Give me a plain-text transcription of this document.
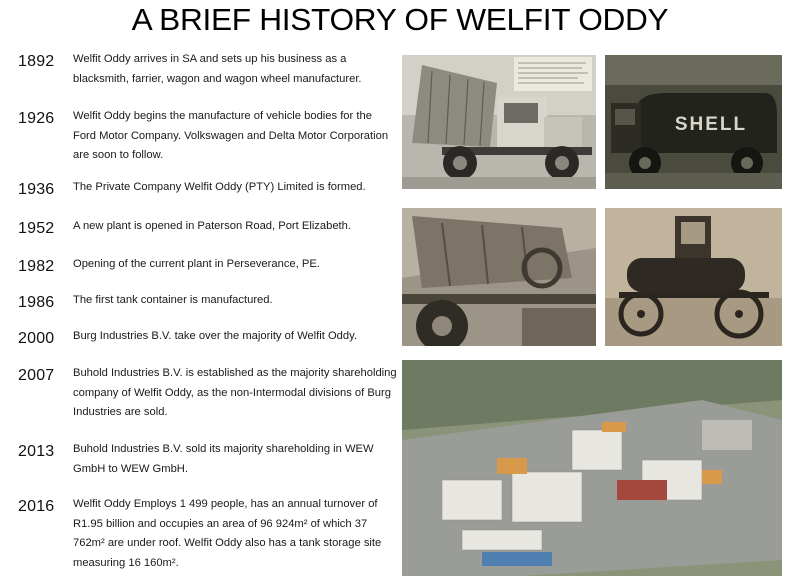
A BRIEF HISTORY OF WELFIT ODDY
1892 Welfit Oddy arrives in SA and sets up his business as a blacksmith, farrier, wagon and wagon wheel manufacturer.
1926 Welfit Oddy begins the manufacture of vehicle bodies for the Ford Motor Company. Volkswagen and Delta Motor Corporation are soon to follow.
1936 The Private Company Welfit Oddy (PTY) Limited is formed.
1952 A new plant is opened in Paterson Road, Port Elizabeth.
1982 Opening of the current plant in Perseverance, PE.
1986 The first tank container is manufactured.
2000 Burg Industries B.V. take over the majority of Welfit Oddy.
2007 Buhold Industries B.V. is established as the majority shareholding company of Welfit Oddy, as the non-Intermodal divisions of Burg Industries are sold.
2013 Buhold Industries B.V. sold its majority shareholding in WEW GmbH to WEW GmbH.
2016 Welfit Oddy Employs 1 499 people, has an annual turnover of R1.95 billion and occupies an area of 96 924m² of which 37 762m² are under roof. Welfit Oddy also has a tank storage site measuring 16 160m².
SHELL
